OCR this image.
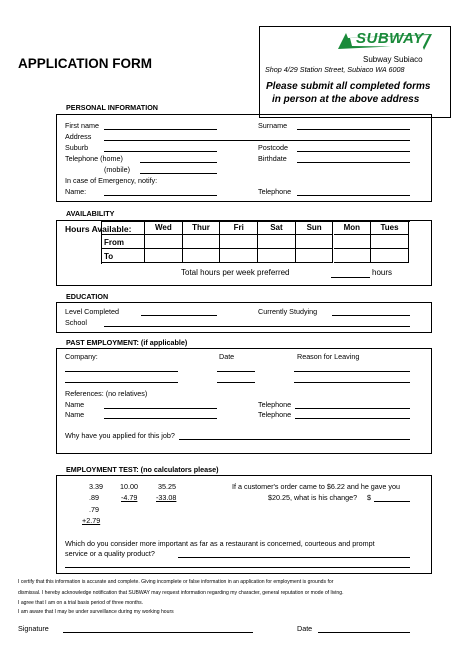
APPLICATION FORM
SUBWAY
Subway Subiaco
Shop 4/29 Station Street, Subiaco WA 6008
Please submit all completed forms
in person at the above address
PERSONAL INFORMATION
First name
Address
Suburb
Telephone (home)
(mobile)
In case of Emergency, notify:
Name:
Surname
Postcode
Birthdate
Telephone
AVAILABILITY
Hours Available:	Wed	Thur	Fri	Sat	Sun	Mon	Tues
From
To
Total hours per week preferred	hours
EDUCATION
Level Completed	Currently Studying
School
PAST EMPLOYMENT: (if applicable)
Company:	Date	Reason for Leaving
References: (no relatives)
Name	Telephone
Name	Telephone
Why have you applied for this job?
EMPLOYMENT TEST: (no calculators please)
3.39
.89
.79
+2.79
10.00
-4.79
35.25
-33.08
If a customer's order came to $6.22 and he gave you
$20.25, what is his change? $
Which do you consider more important as far as a restaurant is concerned, courteous and prompt
service or a quality product?
I certify that this information is accurate and complete. Giving incomplete or false information in an application for employment is grounds for
dismissal. I hereby acknowledge notification that SUBWAY may request information regarding my character, general reputation or mode of living.
I agree that I am on a trial basis period of three months.
I am aware that I may be under surveillance during my working hours
Signature	Date
